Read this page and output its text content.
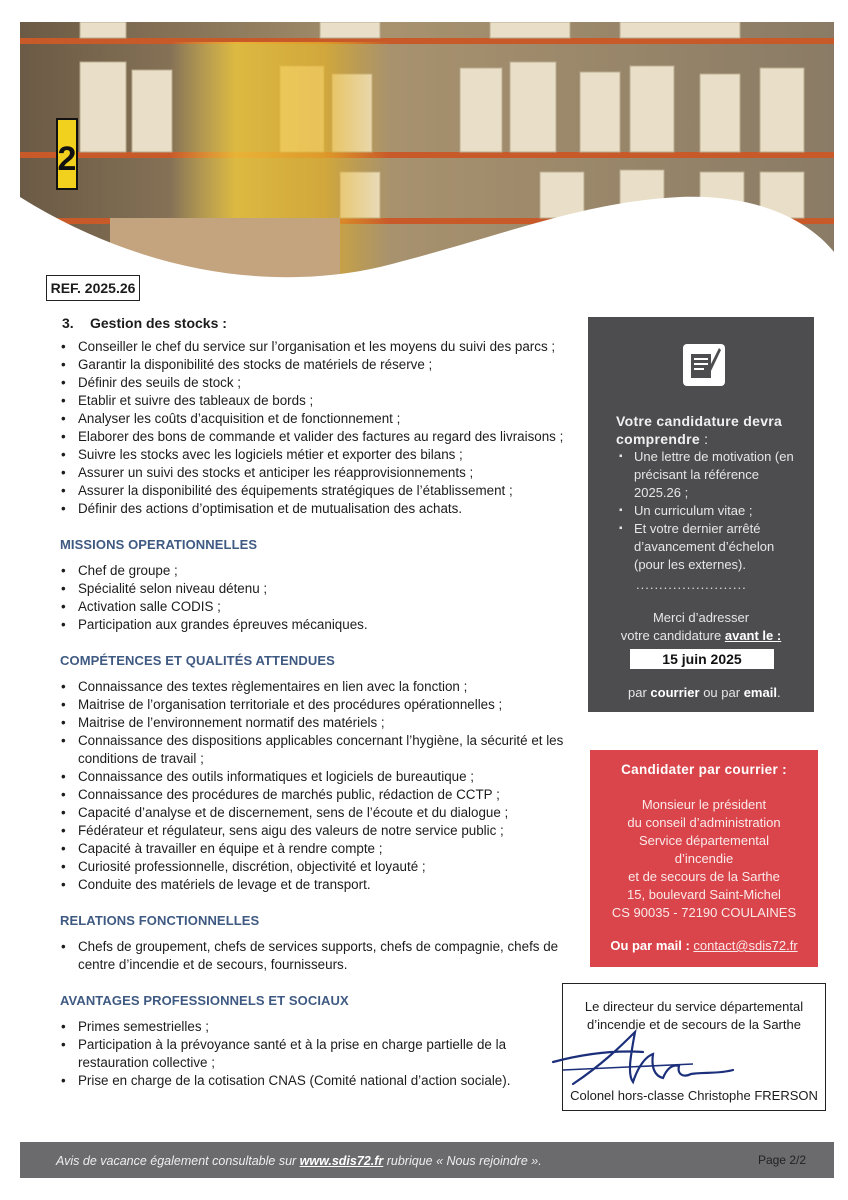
2
REF. 2025.26
3. Gestion des stocks :
• Conseiller le chef du service sur l’organisation et les moyens du suivi des parcs ;
• Garantir la disponibilité des stocks de matériels de réserve ;
• Définir des seuils de stock ;
• Etablir et suivre des tableaux de bords ;
• Analyser les coûts d’acquisition et de fonctionnement ;
• Elaborer des bons de commande et valider des factures au regard des livraisons ;
• Suivre les stocks avec les logiciels métier et exporter des bilans ;
• Assurer un suivi des stocks et anticiper les réapprovisionnements ;
• Assurer la disponibilité des équipements stratégiques de l’établissement ;
• Définir des actions d’optimisation et de mutualisation des achats.
MISSIONS OPERATIONNELLES
• Chef de groupe ;
• Spécialité selon niveau détenu ;
• Activation salle CODIS ;
• Participation aux grandes épreuves mécaniques.
COMPÉTENCES ET QUALITÉS ATTENDUES
• Connaissance des textes règlementaires en lien avec la fonction ;
• Maitrise de l’organisation territoriale et des procédures opérationnelles ;
• Maitrise de l’environnement normatif des matériels ;
• Connaissance des dispositions applicables concernant l’hygiène, la sécurité et les conditions de travail ;
• Connaissance des outils informatiques et logiciels de bureautique ;
• Connaissance des procédures de marchés public, rédaction de CCTP ;
• Capacité d’analyse et de discernement, sens de l’écoute et du dialogue ;
• Fédérateur et régulateur, sens aigu des valeurs de notre service public ;
• Capacité à travailler en équipe et à rendre compte ;
• Curiosité professionnelle, discrétion, objectivité et loyauté ;
• Conduite des matériels de levage et de transport.
RELATIONS FONCTIONNELLES
• Chefs de groupement, chefs de services supports, chefs de compagnie, chefs de centre d’incendie et de secours, fournisseurs.
AVANTAGES PROFESSIONNELS ET SOCIAUX
• Primes semestrielles ;
• Participation à la prévoyance santé et à la prise en charge partielle de la restauration collective ;
• Prise en charge de la cotisation CNAS (Comité national d’action sociale).
Votre candidature devra
comprendre :
▪ Une lettre de motivation (en précisant la référence 2025.26 ;
▪ Un curriculum vitae ;
▪ Et votre dernier arrêté d’avancement d’échelon (pour les externes).
........................
Merci d’adresser
votre candidature avant le :
15 juin 2025
par courrier ou par email.
Candidater par courrier :
Monsieur le président
du conseil d’administration
Service départemental
d’incendie
et de secours de la Sarthe
15, boulevard Saint-Michel
CS 90035 - 72190 COULAINES
Ou par mail : contact@sdis72.fr
Le directeur du service départemental
d’incendie et de secours de la Sarthe
Colonel hors-classe Christophe FRERSON
Avis de vacance également consultable sur www.sdis72.fr rubrique « Nous rejoindre ».	Page 2/2
